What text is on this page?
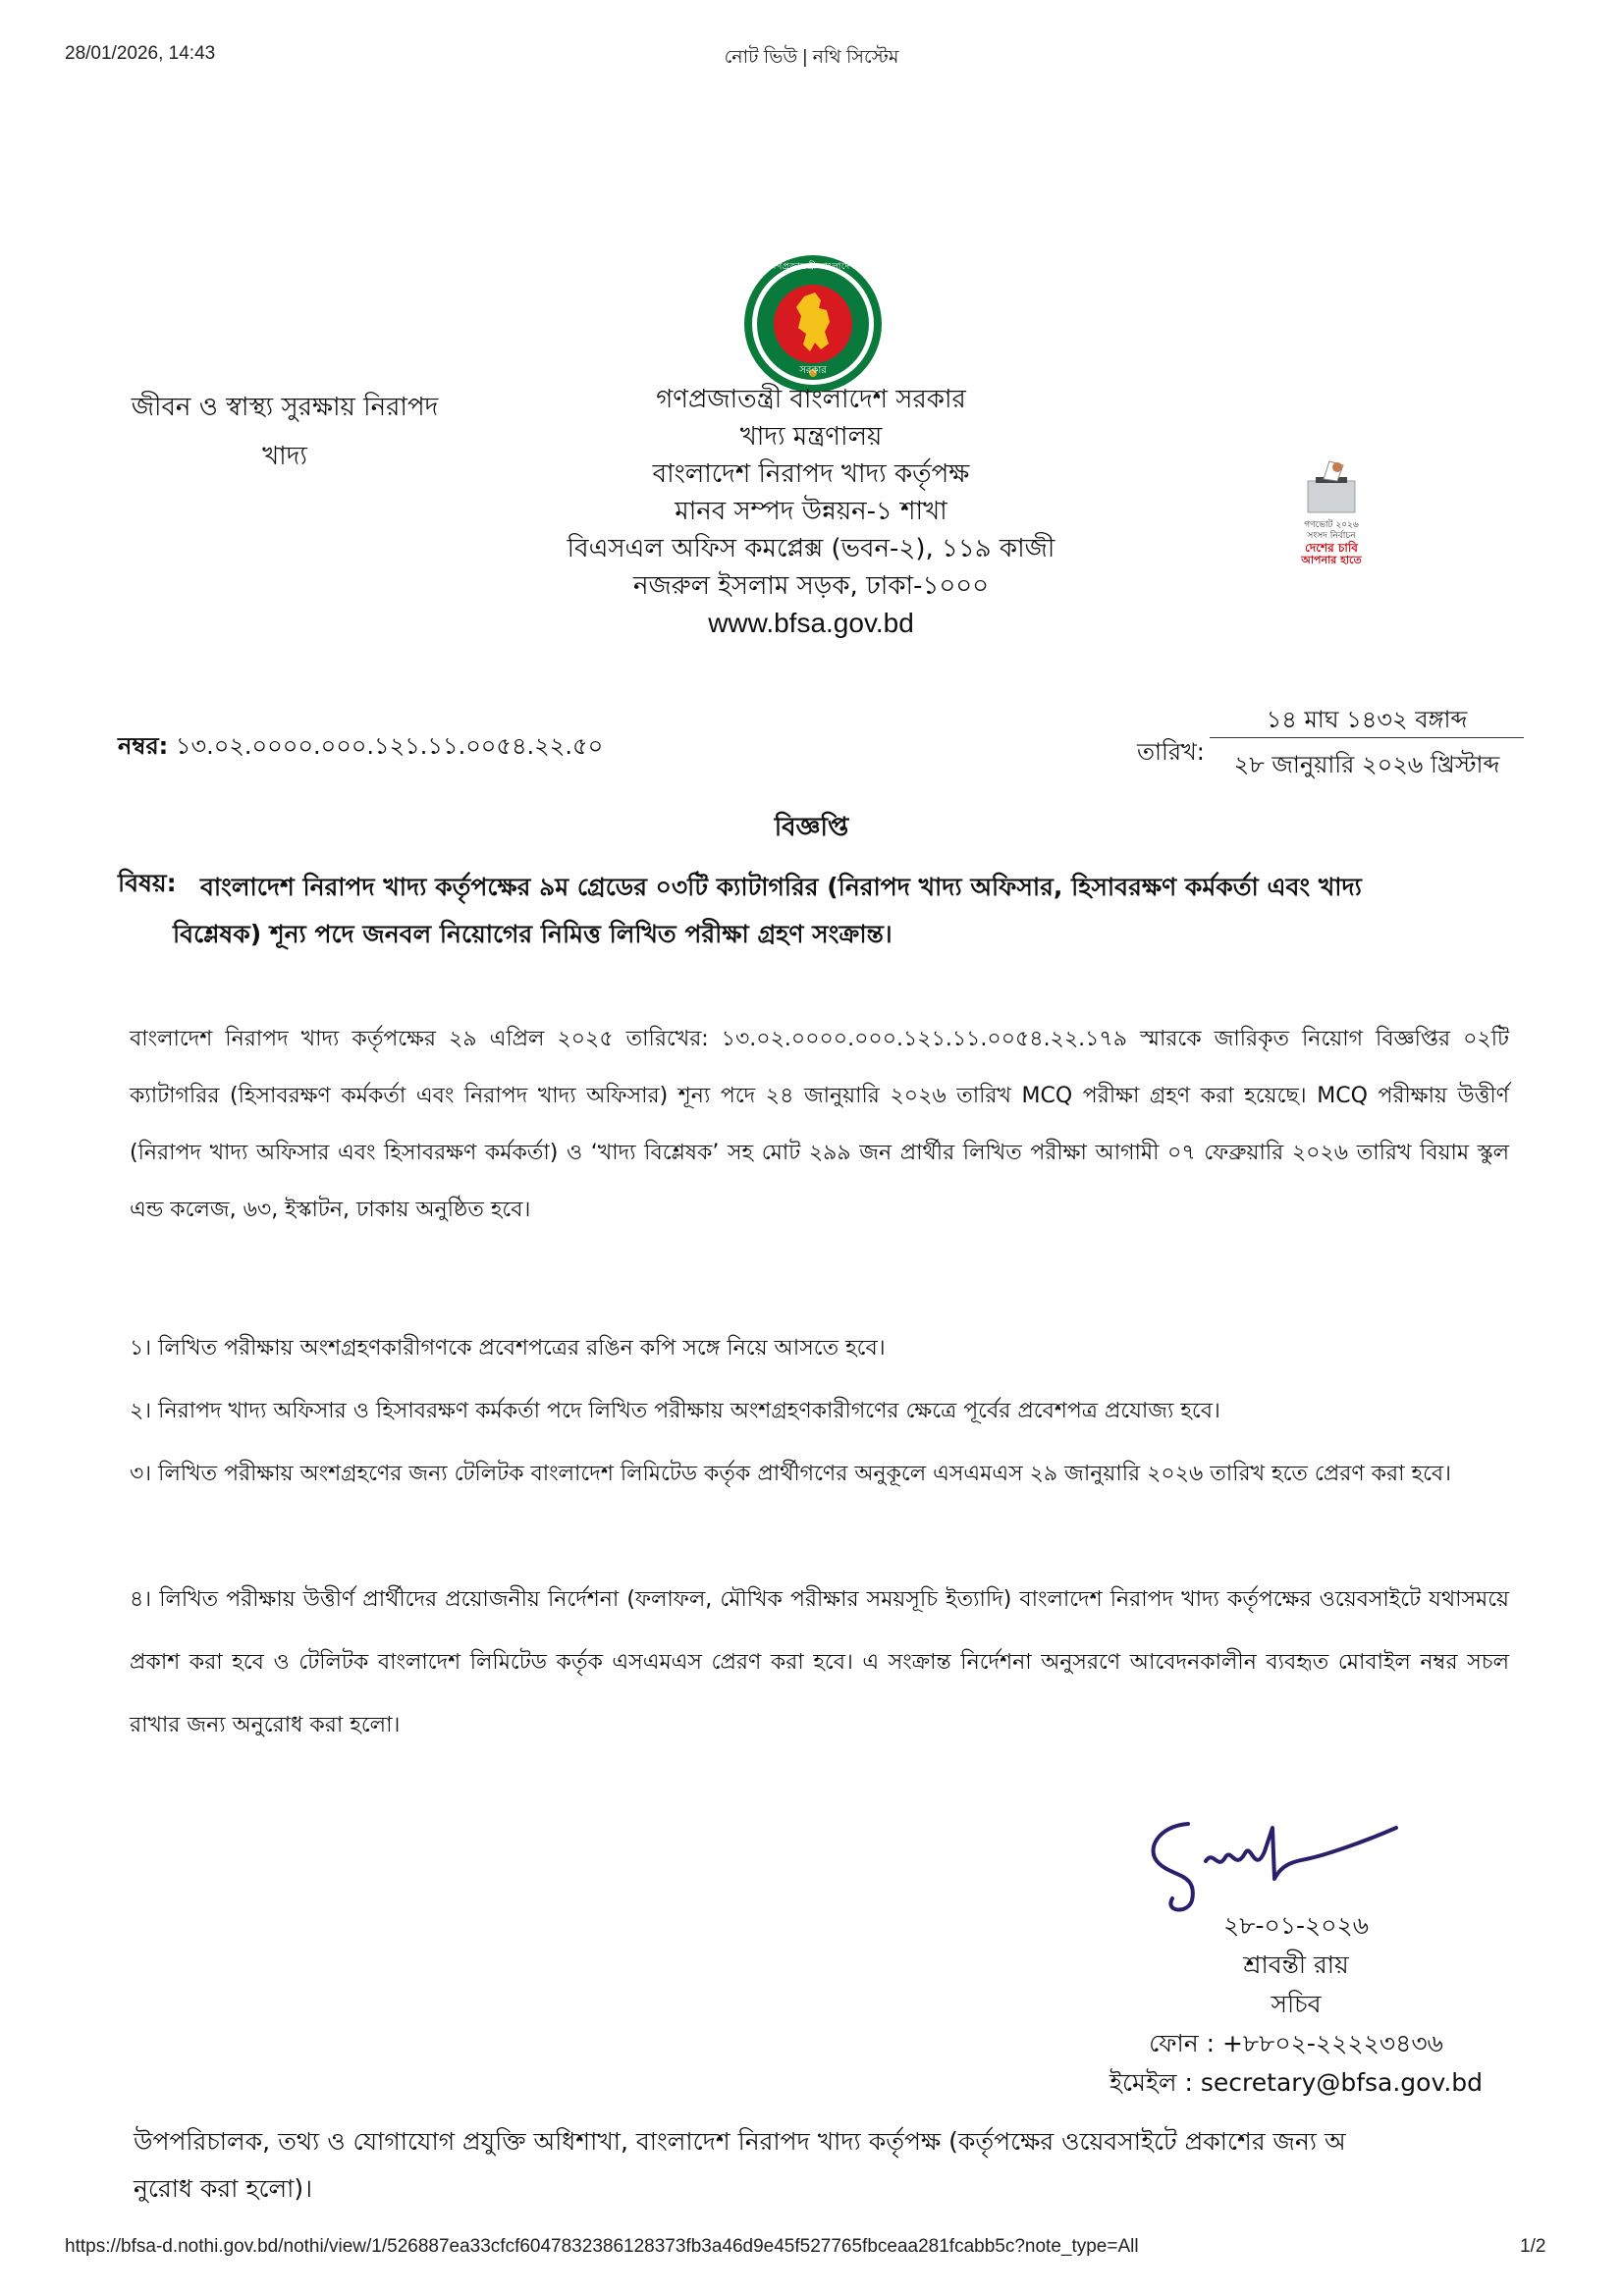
28/01/2026, 14:43	নোট ভিউ | নথি সিস্টেম
গণপ্রজাতন্ত্রী বাংলাদেশ
সরকার
জীবন ও স্বাস্থ্য সুরক্ষায় নিরাপদ
খাদ্য
গণপ্রজাতন্ত্রী বাংলাদেশ সরকার
খাদ্য মন্ত্রণালয়
বাংলাদেশ নিরাপদ খাদ্য কর্তৃপক্ষ
মানব সম্পদ উন্নয়ন-১ শাখা
বিএসএল অফিস কমপ্লেক্স (ভবন-২), ১১৯ কাজী
নজরুল ইসলাম সড়ক, ঢাকা-১০০০
www.bfsa.gov.bd
গণভোট ২০২৬
সংসদ নির্বাচন
দেশের চাবি
আপনার হাতে
নম্বর: ১৩.০২.০০০০.০০০.১২১.১১.০০৫৪.২২.৫০	তারিখ:
১৪ মাঘ ১৪৩২ বঙ্গাব্দ
২৮ জানুয়ারি ২০২৬ খ্রিস্টাব্দ
বিজ্ঞপ্তি
বিষয়: বাংলাদেশ নিরাপদ খাদ্য কর্তৃপক্ষের ৯ম গ্রেডের ০৩টি ক্যাটাগরির (নিরাপদ খাদ্য অফিসার, হিসাবরক্ষণ কর্মকর্তা এবং খাদ্য
বিশ্লেষক) শূন্য পদে জনবল নিয়োগের নিমিত্ত লিখিত পরীক্ষা গ্রহণ সংক্রান্ত।
বাংলাদেশ নিরাপদ খাদ্য কর্তৃপক্ষের ২৯ এপ্রিল ২০২৫ তারিখের: ১৩.০২.০০০০.০০০.১২১.১১.০০৫৪.২২.১৭৯ স্মারকে জারিকৃত নিয়োগ বিজ্ঞপ্তির ০২টি ক্যাটাগরির (হিসাবরক্ষণ কর্মকর্তা এবং নিরাপদ খাদ্য অফিসার) শূন্য পদে ২৪ জানুয়ারি ২০২৬ তারিখ MCQ পরীক্ষা গ্রহণ করা হয়েছে। MCQ পরীক্ষায় উত্তীর্ণ (নিরাপদ খাদ্য অফিসার এবং হিসাবরক্ষণ কর্মকর্তা) ও ‘খাদ্য বিশ্লেষক’ সহ মোট ২৯৯ জন প্রার্থীর লিখিত পরীক্ষা আগামী ০৭ ফেব্রুয়ারি ২০২৬ তারিখ বিয়াম স্কুল এন্ড কলেজ, ৬৩, ইস্কাটন, ঢাকায় অনুষ্ঠিত হবে।
১। লিখিত পরীক্ষায় অংশগ্রহণকারীগণকে প্রবেশপত্রের রঙিন কপি সঙ্গে নিয়ে আসতে হবে।
২। নিরাপদ খাদ্য অফিসার ও হিসাবরক্ষণ কর্মকর্তা পদে লিখিত পরীক্ষায় অংশগ্রহণকারীগণের ক্ষেত্রে পূর্বের প্রবেশপত্র প্রযোজ্য হবে।
৩। লিখিত পরীক্ষায় অংশগ্রহণের জন্য টেলিটক বাংলাদেশ লিমিটেড কর্তৃক প্রার্থীগণের অনুকূলে এসএমএস ২৯ জানুয়ারি ২০২৬ তারিখ হতে প্রেরণ করা হবে।
৪। লিখিত পরীক্ষায় উত্তীর্ণ প্রার্থীদের প্রয়োজনীয় নির্দেশনা (ফলাফল, মৌখিক পরীক্ষার সময়সূচি ইত্যাদি) বাংলাদেশ নিরাপদ খাদ্য কর্তৃপক্ষের ওয়েবসাইটে যথাসময়ে প্রকাশ করা হবে ও টেলিটক বাংলাদেশ লিমিটেড কর্তৃক এসএমএস প্রেরণ করা হবে। এ সংক্রান্ত নির্দেশনা অনুসরণে আবেদনকালীন ব্যবহৃত মোবাইল নম্বর সচল রাখার জন্য অনুরোধ করা হলো।
২৮-০১-২০২৬
শ্রাবন্তী রায়
সচিব
ফোন : +৮৮০২-২২২২৩৪৩৬
ইমেইল : secretary@bfsa.gov.bd
উপপরিচালক, তথ্য ও যোগাযোগ প্রযুক্তি অধিশাখা, বাংলাদেশ নিরাপদ খাদ্য কর্তৃপক্ষ (কর্তৃপক্ষের ওয়েবসাইটে প্রকাশের জন্য অ
নুরোধ করা হলো)।
https://bfsa-d.nothi.gov.bd/nothi/view/1/526887ea33cfcf6047832386128373fb3a46d9e45f527765fbceaa281fcabb5c?note_type=All	1/2
